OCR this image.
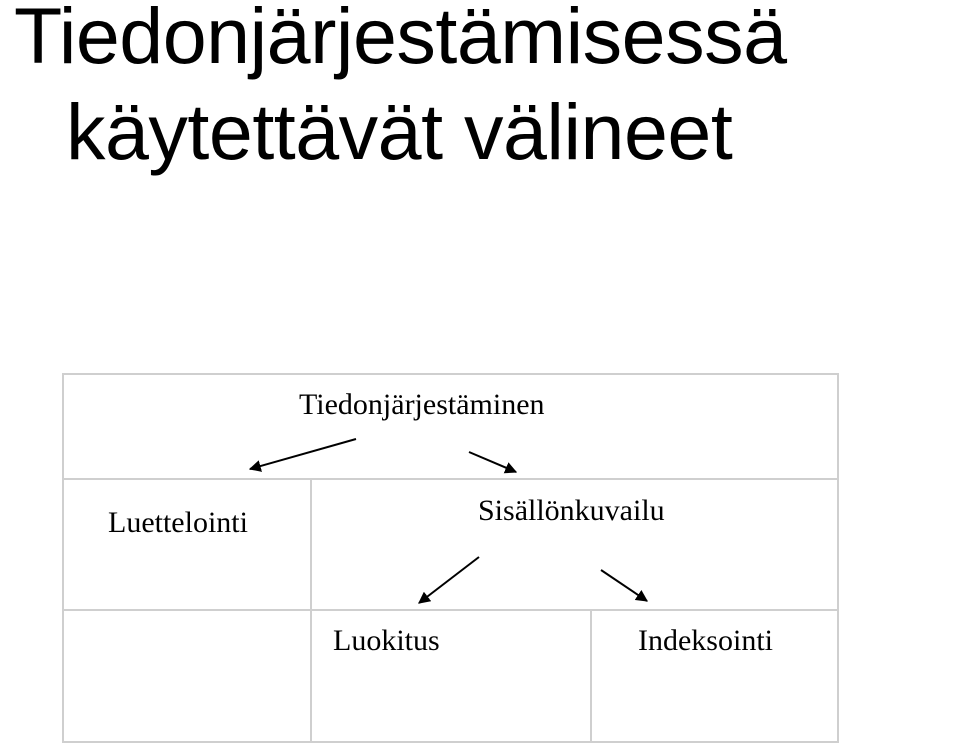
Tiedonjärjestämisessä
käytettävät välineet
Tiedonjärjestäminen
Luettelointi	Sisällönkuvailu
Luokitus	Indeksointi
